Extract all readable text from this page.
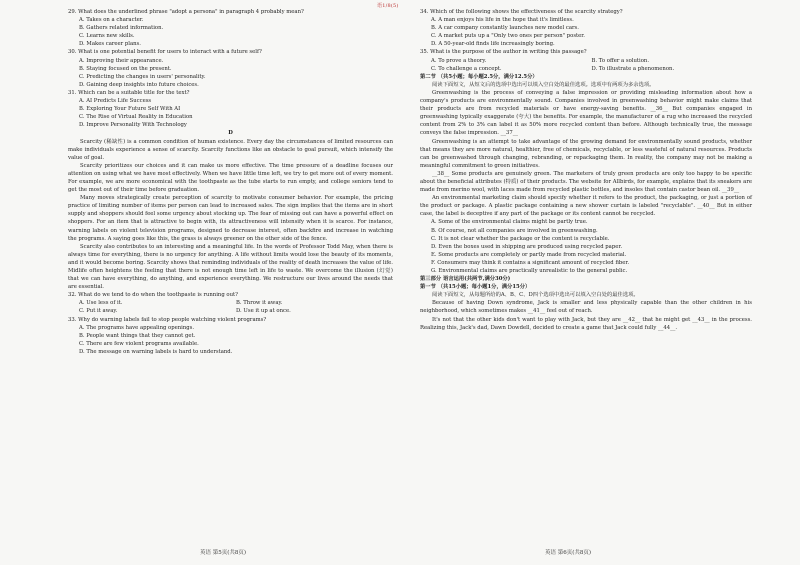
语1/8(5)

29. What does the underlined phrase "adopt a persona" in paragraph 4 probably mean?

A. Takes on a character.

B. Gathers related information.

C. Learns new skills.

D. Makes career plans.

30. What is one potential benefit for users to interact with a future self?

A. Improving their appearance.

B. Staying focused on the present.

C. Predicting the changes in users' personality.

D. Gaining deep insights into future choices.

31. Which can be a suitable title for the text?

A. AI Predicts Life Success

B. Exploring Your Future Self With AI

C. The Rise of Virtual Reality in Education

D. Improve Personality With Technology

D

Scarcity (稀缺性) is a common condition of human existence. Every day the circumstances of limited resources can make individuals experience a sense of scarcity. Scarcity functions like an obstacle to goal pursuit, which intensify the value of goal.

Scarcity prioritizes our choices and it can make us more effective. The time pressure of a deadline focuses our attention on using what we have most effectively. When we have little time left, we try to get more out of every moment. For example, we are more economical with the toothpaste as the tube starts to run empty, and college seniors tend to get the most out of their time before graduation.

Many moves strategically create perception of scarcity to motivate consumer behavior. For example, the pricing practice of limiting number of items per person can lead to increased sales. The sign implies that the items are in short supply and shoppers should feel some urgency about stocking up. The fear of missing out can have a powerful effect on shoppers. For an item that is attractive to begin with, its attractiveness will intensify when it is scarce. For instance, warning labels on violent television programs, designed to decrease interest, often backfire and increase in watching the programs. A saying goes like this, the grass is always greener on the other side of the fence.

Scarcity also contributes to an interesting and a meaningful life. In the words of Professor Todd May, when there is always time for everything, there is no urgency for anything. A life without limits would lose the beauty of its moments, and it would become boring. Scarcity shows that reminding individuals of the reality of death increases the value of life. Midlife often heightens the feeling that there is not enough time left in life to waste. We overcome the illusion (幻觉) that we can have everything, do anything, and experience everything. We restructure our lives around the needs that are essential.

32. What do we tend to do when the toothpaste is running out?

A. Use less of it.	B. Throw it away.
C. Put it away.	D. Use it up at once.

33. Why do warning labels fail to stop people watching violent programs?

A. The programs have appealing openings.

B. People want things that they cannot get.

C. There are few violent programs available.

D. The message on warning labels is hard to understand.

34. Which of the following shows the effectiveness of the scarcity strategy?

A. A man enjoys his life in the hope that it's limitless.

B. A car company constantly launches new model cars.

C. A market puts up a "Only two ones per person" poster.

D. A 50-year-old finds life increasingly boring.

35. What is the purpose of the author in writing this passage?

A. To prove a theory.	B. To offer a solution.
C. To challenge a concept.	D. To illustrate a phenomenon.

第二节 （共5小题；每小题2.5分，满分12.5分）

阅读下面短文，从短文后的选项中选出可以填入空白处的最佳选项。选项中有两项为多余选项。

Greenwashing is the process of conveying a false impression or providing misleading information about how a company's products are environmentally sound. Companies involved in greenwashing behavior might make claims that their products are from recycled materials or have energy-saving benefits. __36__ But companies engaged in greenwashing typically exaggerate (夸大) the benefits. For example, the manufacturer of a rug who increased the recycled content from 2% to 3% can label it as 50% more recycled content than before. Although technically true, the message conveys the false impression. __37__

Greenwashing is an attempt to take advantage of the growing demand for environmentally sound products, whether that means they are more natural, healthier, free of chemicals, recyclable, or less wasteful of natural resources. Products can be greenwashed through changing, rebranding, or repackaging them. In reality, the company may not be making a meaningful commitment to green initiatives.

__38__ Some products are genuinely green. The marketers of truly green products are only too happy to be specific about the beneficial attributes (特质) of their products. The website for Allbirds, for example, explains that its sneakers are made from merino wool, with laces made from recycled plastic bottles, and insoles that contain castor bean oil. __39__

An environmental marketing claim should specify whether it refers to the product, the packaging, or just a portion of the product or package. A plastic package containing a new shower curtain is labeled "recyclable". __40__ But in either case, the label is deceptive if any part of the package or its content cannot be recycled.

A. Some of the environmental claims might be partly true.

B. Of course, not all companies are involved in greenwashing.

C. It is not clear whether the package or the content is recyclable.

D. Even the boxes used in shipping are produced using recycled paper.

E. Some products are completely or partly made from recycled material.

F. Consumers may think it contains a significant amount of recycled fiber.

G. Environmental claims are practically unrealistic to the general public.

第三部分 语言运用(共两节,满分30分)

第一节 （共15小题；每小题1分，满分15分）

阅读下面短文，从每题所给的A、B、C、D四个选项中选出可以填入空白处的最佳选项。

Because of having Down syndrome, Jack is smaller and less physically capable than the other children in his neighborhood, which sometimes makes __41__ feel out of reach.

It's not that the other kids don't want to play with Jack, but they are __42__ that he might get __43__ in the process. Realizing this, Jack's dad, Dawn Dowdell, decided to create a game that Jack could fully __44__.

英语 第5页(共8页)	英语 第6页(共8页)
